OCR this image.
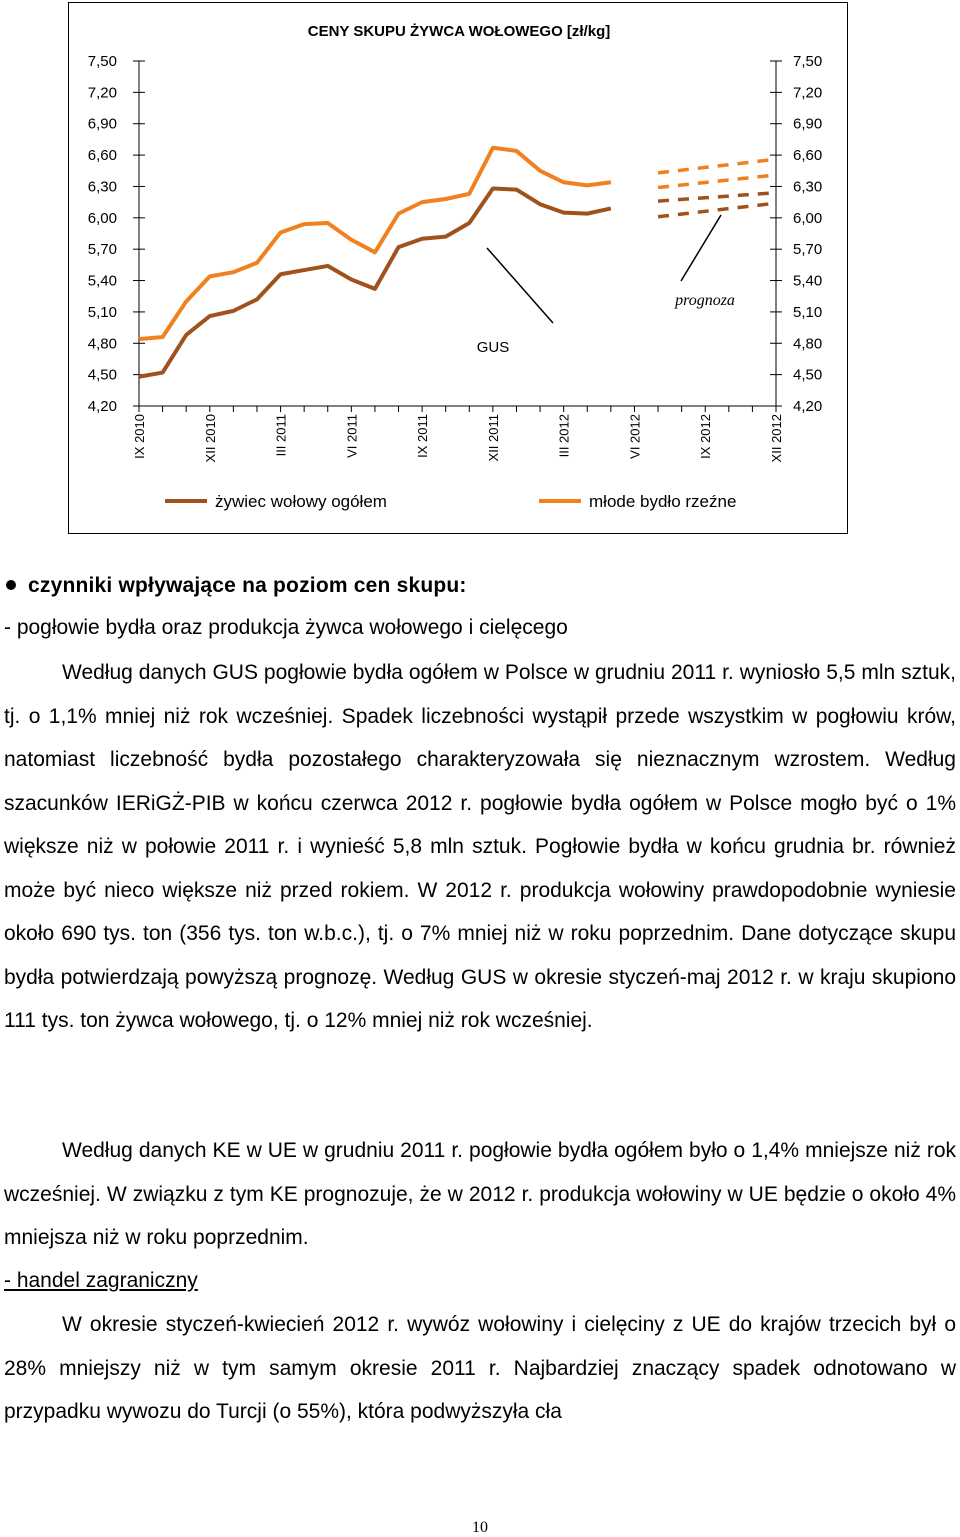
CENY SKUPU ŻYWCA WOŁOWEGO [zł/kg]
7,50	7,50
7,20	7,20
6,90	6,90
6,60	6,60
6,30	6,30
6,00	6,00
5,70	5,70
5,40	5,40
5,10	5,10
4,80	4,80
4,50	4,50
4,20	4,20
IX 2010	XII 2010	III 2011	VI 2011	IX 2011	XII 2011	III 2012	VI 2012	IX 2012	XII 2012
GUS
prognoza
żywiec wołowy ogółem	młode bydło rzeźne
czynniki wpływające na poziom cen skupu:
- pogłowie bydła oraz produkcja żywca wołowego i cielęcego

Według danych GUS pogłowie bydła ogółem w Polsce w grudniu 2011 r. wyniosło 5,5 mln sztuk, tj. o 1,1% mniej niż rok wcześniej. Spadek liczebności wystąpił przede wszystkim w pogłowiu krów, natomiast liczebność bydła pozostałego charakteryzowała się nieznacznym wzrostem. Według szacunków IERiGŻ-PIB w końcu czerwca 2012 r. pogłowie bydła ogółem w Polsce mogło być o 1% większe niż w połowie 2011 r. i wynieść 5,8 mln sztuk. Pogłowie bydła w końcu grudnia br. również może być nieco większe niż przed rokiem. W 2012 r. produkcja wołowiny prawdopodobnie wyniesie około 690 tys. ton (356 tys. ton w.b.c.), tj. o 7% mniej niż w roku poprzednim. Dane dotyczące skupu bydła potwierdzają powyższą prognozę. Według GUS w okresie styczeń-maj 2012 r. w kraju skupiono 111 tys. ton żywca wołowego, tj. o 12% mniej niż rok wcześniej.

Według danych KE w UE w grudniu 2011 r. pogłowie bydła ogółem było o 1,4% mniejsze niż rok wcześniej. W związku z tym KE prognozuje, że w 2012 r. produkcja wołowiny w UE będzie o około 4% mniejsza niż w roku poprzednim.

- handel zagraniczny

W okresie styczeń-kwiecień 2012 r. wywóz wołowiny i cielęciny z UE do krajów trzecich był o 28% mniejszy niż w tym samym okresie 2011 r. Najbardziej znaczący spadek odnotowano w przypadku wywozu do Turcji (o 55%), która podwyższyła cła

10
